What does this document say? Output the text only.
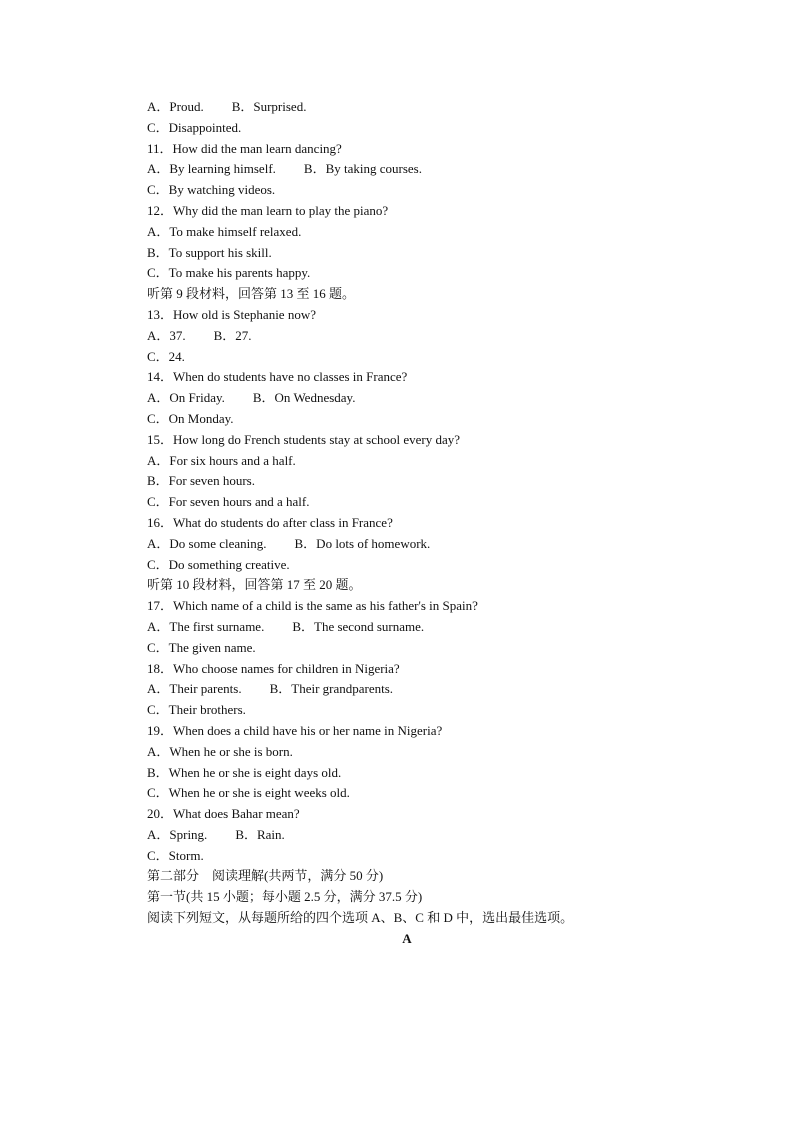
A．Proud. B．Surprised.
C．Disappointed.
11．How did the man learn dancing?
A．By learning himself. B．By taking courses.
C．By watching videos.
12．Why did the man learn to play the piano?
A．To make himself relaxed.
B．To support his skill.
C．To make his parents happy.
听第 9 段材料，回答第 13 至 16 题。
13．How old is Stephanie now?
A．37. B．27.
C．24.
14．When do students have no classes in France?
A．On Friday. B．On Wednesday.
C．On Monday.
15．How long do French students stay at school every day?
A．For six hours and a half.
B．For seven hours.
C．For seven hours and a half.
16．What do students do after class in France?
A．Do some cleaning. B．Do lots of homework.
C．Do something creative.
听第 10 段材料，回答第 17 至 20 题。
17．Which name of a child is the same as his father's in Spain?
A．The first surname. B．The second surname.
C．The given name.
18．Who choose names for children in Nigeria?
A．Their parents. B．Their grandparents.
C．Their brothers.
19．When does a child have his or her name in Nigeria?
A．When he or she is born.
B．When he or she is eight days old.
C．When he or she is eight weeks old.
20．What does Bahar mean?
A．Spring. B．Rain.
C．Storm.
第二部分　阅读理解(共两节，满分 50 分)
第一节(共 15 小题；每小题 2.5 分，满分 37.5 分)
阅读下列短文，从每题所给的四个选项 A、B、C 和 D 中，选出最佳选项。
A
